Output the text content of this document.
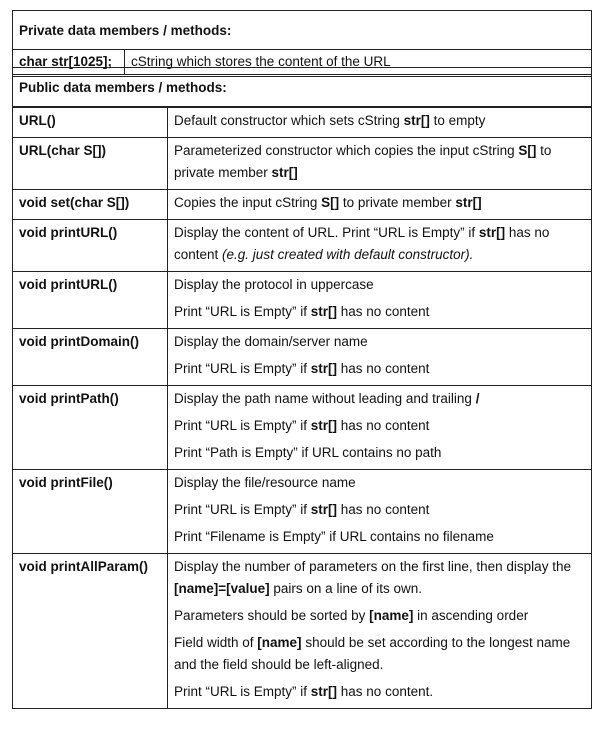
Private data members / methods:
char str[1025];	cString which stores the content of the URL
Public data members / methods:	
URL()	Default constructor which sets cString str[] to empty

URL(char S[])	Parameterized constructor which copies the input cString S[] to private member str[]

void set(char S[])	Copies the input cString S[] to private member str[]

void printURL()	Display the content of URL. Print “URL is Empty” if str[] has no content (e.g. just created with default constructor).

void printURL()	Display the protocol in uppercase

Print “URL is Empty” if str[] has no content

void printDomain()	Display the domain/server name

Print “URL is Empty” if str[] has no content

void printPath()	Display the path name without leading and trailing /

Print “URL is Empty” if str[] has no content

Print “Path is Empty” if URL contains no path

void printFile()	Display the file/resource name

Print “URL is Empty” if str[] has no content

Print “Filename is Empty” if URL contains no filename

void printAllParam()	Display the number of parameters on the first line, then display the [name]=[value] pairs on a line of its own.

Parameters should be sorted by [name] in ascending order

Field width of [name] should be set according to the longest name and the field should be left-aligned.

Print “URL is Empty” if str[] has no content.
